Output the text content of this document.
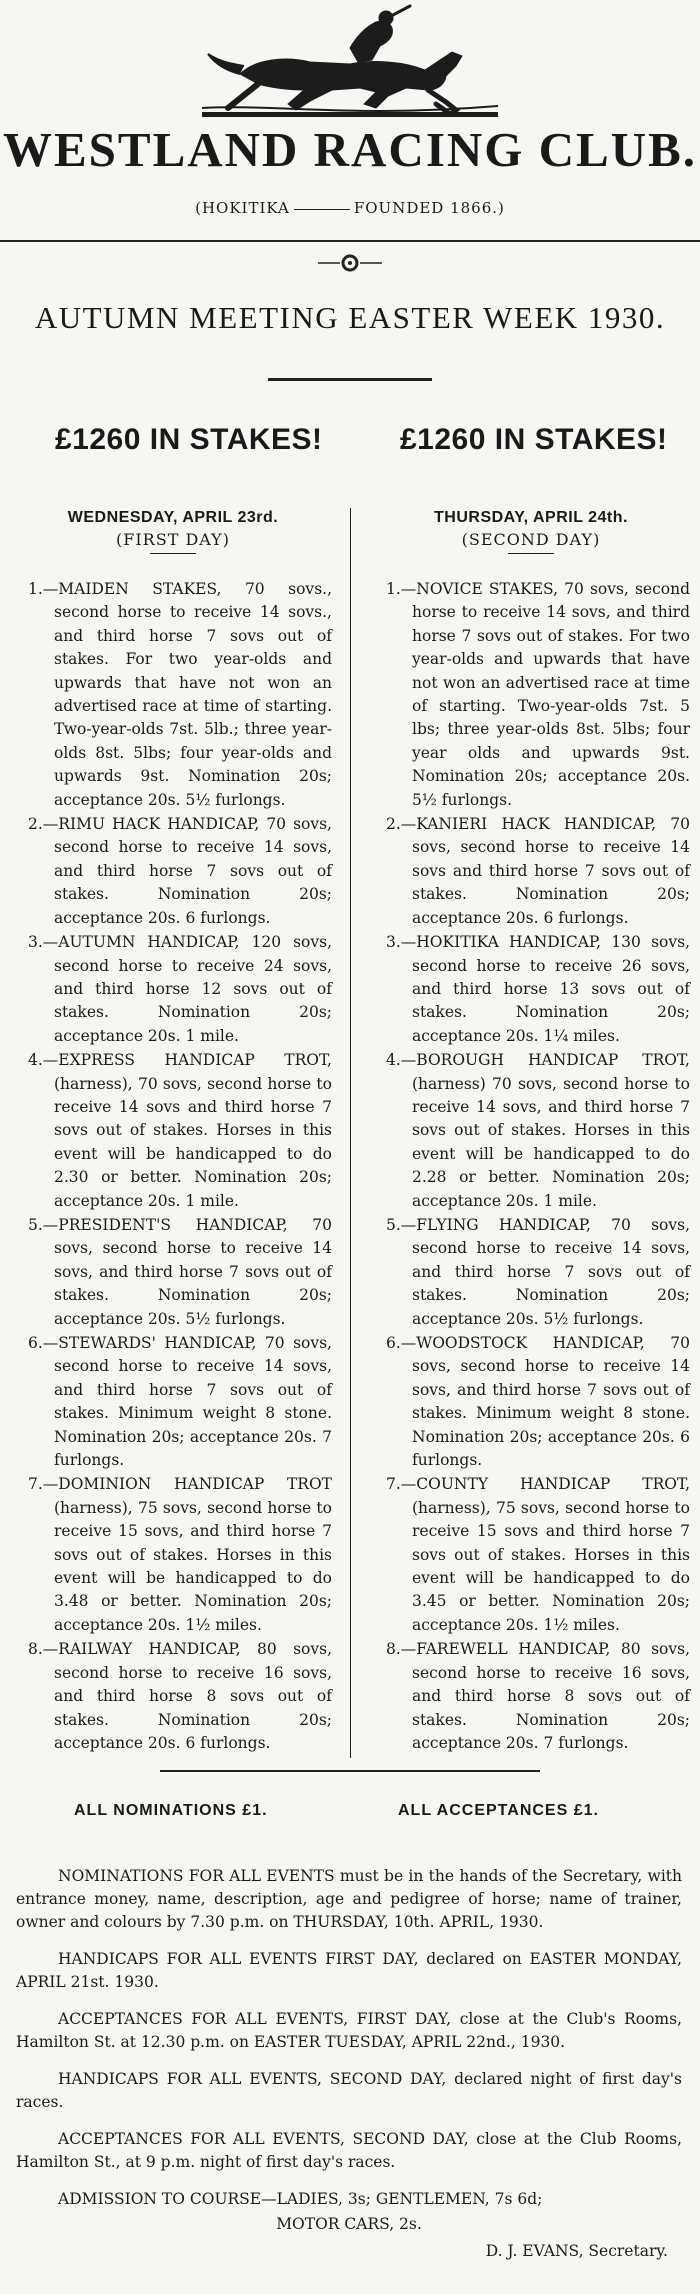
WESTLAND RACING CLUB.
(HOKITIKA	FOUNDED 1866.)
AUTUMN MEETING EASTER WEEK 1930.
£1260 IN STAKES!	£1260 IN STAKES!
WEDNESDAY, APRIL 23rd.
(FIRST DAY)
THURSDAY, APRIL 24th.
(SECOND DAY)

1.—MAIDEN STAKES, 70 sovs., second horse to receive 14 sovs., and third horse 7 sovs out of stakes. For two year-olds and upwards that have not won an advertised race at time of starting. Two-year-olds 7st. 5lb.; three year-olds 8st. 5lbs; four year-olds and upwards 9st. Nomination 20s; acceptance 20s. 5½ furlongs.

2.—RIMU HACK HANDICAP, 70 sovs, second horse to receive 14 sovs, and third horse 7 sovs out of stakes. Nomination 20s; acceptance 20s. 6 furlongs.

3.—AUTUMN HANDICAP, 120 sovs, second horse to receive 24 sovs, and third horse 12 sovs out of stakes. Nomination 20s; acceptance 20s. 1 mile.

4.—EXPRESS HANDICAP TROT, (harness), 70 sovs, second horse to receive 14 sovs and third horse 7 sovs out of stakes. Horses in this event will be handicapped to do 2.30 or better. Nomination 20s; acceptance 20s. 1 mile.

5.—PRESIDENT'S HANDICAP, 70 sovs, second horse to receive 14 sovs, and third horse 7 sovs out of stakes. Nomination 20s; acceptance 20s. 5½ furlongs.

6.—STEWARDS' HANDICAP, 70 sovs, second horse to receive 14 sovs, and third horse 7 sovs out of stakes. Minimum weight 8 stone. Nomination 20s; acceptance 20s. 7 furlongs.

7.—DOMINION HANDICAP TROT (harness), 75 sovs, second horse to receive 15 sovs, and third horse 7 sovs out of stakes. Horses in this event will be handicapped to do 3.48 or better. Nomination 20s; acceptance 20s. 1½ miles.

8.—RAILWAY HANDICAP, 80 sovs, second horse to receive 16 sovs, and third horse 8 sovs out of stakes. Nomination 20s; acceptance 20s. 6 furlongs.

1.—NOVICE STAKES, 70 sovs, second horse to receive 14 sovs, and third horse 7 sovs out of stakes. For two year-olds and upwards that have not won an advertised race at time of starting. Two-year-olds 7st. 5 lbs; three year-olds 8st. 5lbs; four year olds and upwards 9st. Nomination 20s; acceptance 20s. 5½ furlongs.

2.—KANIERI HACK HANDICAP, 70 sovs, second horse to receive 14 sovs and third horse 7 sovs out of stakes. Nomination 20s; acceptance 20s. 6 furlongs.

3.—HOKITIKA HANDICAP, 130 sovs, second horse to receive 26 sovs, and third horse 13 sovs out of stakes. Nomination 20s; acceptance 20s. 1¼ miles.

4.—BOROUGH HANDICAP TROT, (harness) 70 sovs, second horse to receive 14 sovs, and third horse 7 sovs out of stakes. Horses in this event will be handicapped to do 2.28 or better. Nomination 20s; acceptance 20s. 1 mile.

5.—FLYING HANDICAP, 70 sovs, second horse to receive 14 sovs, and third horse 7 sovs out of stakes. Nomination 20s; acceptance 20s. 5½ furlongs.

6.—WOODSTOCK HANDICAP, 70 sovs, second horse to receive 14 sovs, and third horse 7 sovs out of stakes. Minimum weight 8 stone. Nomination 20s; acceptance 20s. 6 furlongs.

7.—COUNTY HANDICAP TROT, (harness), 75 sovs, second horse to receive 15 sovs and third horse 7 sovs out of stakes. Horses in this event will be handicapped to do 3.45 or better. Nomination 20s; acceptance 20s. 1½ miles.

8.—FAREWELL HANDICAP, 80 sovs, second horse to receive 16 sovs, and third horse 8 sovs out of stakes. Nomination 20s; acceptance 20s. 7 furlongs.

ALL NOMINATIONS £1.	ALL ACCEPTANCES £1.

NOMINATIONS FOR ALL EVENTS must be in the hands of the Secretary, with entrance money, name, description, age and pedigree of horse; name of trainer, owner and colours by 7.30 p.m. on THURSDAY, 10th. APRIL, 1930.

HANDICAPS FOR ALL EVENTS FIRST DAY, declared on EASTER MONDAY, APRIL 21st. 1930.

ACCEPTANCES FOR ALL EVENTS, FIRST DAY, close at the Club's Rooms, Hamilton St. at 12.30 p.m. on EASTER TUESDAY, APRIL 22nd., 1930.

HANDICAPS FOR ALL EVENTS, SECOND DAY, declared night of first day's races.

ACCEPTANCES FOR ALL EVENTS, SECOND DAY, close at the Club Rooms, Hamilton St., at 9 p.m. night of first day's races.

ADMISSION TO COURSE—LADIES, 3s; GENTLEMEN, 7s 6d;

MOTOR CARS, 2s.

D. J. EVANS, Secretary.
